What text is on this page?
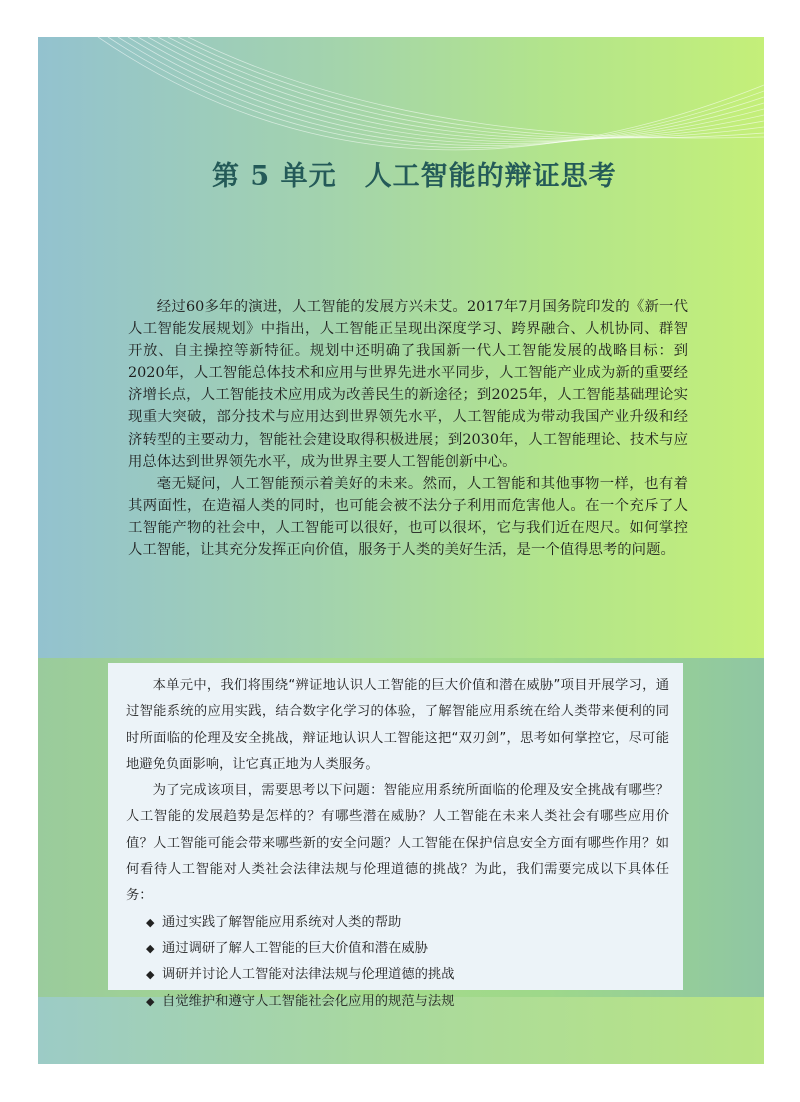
第 5 单元　人工智能的辩证思考

经过60多年的演进，人工智能的发展方兴未艾。2017年7月国务院印发的《新一代人工智能发展规划》中指出，人工智能正呈现出深度学习、跨界融合、人机协同、群智开放、自主操控等新特征。规划中还明确了我国新一代人工智能发展的战略目标：到2020年，人工智能总体技术和应用与世界先进水平同步，人工智能产业成为新的重要经济增长点，人工智能技术应用成为改善民生的新途径；到2025年，人工智能基础理论实现重大突破，部分技术与应用达到世界领先水平，人工智能成为带动我国产业升级和经济转型的主要动力，智能社会建设取得积极进展；到2030年，人工智能理论、技术与应用总体达到世界领先水平，成为世界主要人工智能创新中心。

毫无疑问，人工智能预示着美好的未来。然而，人工智能和其他事物一样，也有着其两面性，在造福人类的同时，也可能会被不法分子利用而危害他人。在一个充斥了人工智能产物的社会中，人工智能可以很好，也可以很坏，它与我们近在咫尺。如何掌控人工智能，让其充分发挥正向价值，服务于人类的美好生活，是一个值得思考的问题。

本单元中，我们将围绕“辨证地认识人工智能的巨大价值和潜在威胁”项目开展学习，通过智能系统的应用实践，结合数字化学习的体验，了解智能应用系统在给人类带来便利的同时所面临的伦理及安全挑战，辩证地认识人工智能这把“双刃剑”，思考如何掌控它，尽可能地避免负面影响，让它真正地为人类服务。

为了完成该项目，需要思考以下问题：智能应用系统所面临的伦理及安全挑战有哪些？人工智能的发展趋势是怎样的？有哪些潜在威胁？人工智能在未来人类社会有哪些应用价值？人工智能可能会带来哪些新的安全问题？人工智能在保护信息安全方面有哪些作用？如何看待人工智能对人类社会法律法规与伦理道德的挑战？为此，我们需要完成以下具体任务：

◆ 通过实践了解智能应用系统对人类的帮助
◆ 通过调研了解人工智能的巨大价值和潜在威胁
◆ 调研并讨论人工智能对法律法规与伦理道德的挑战
◆ 自觉维护和遵守人工智能社会化应用的规范与法规
